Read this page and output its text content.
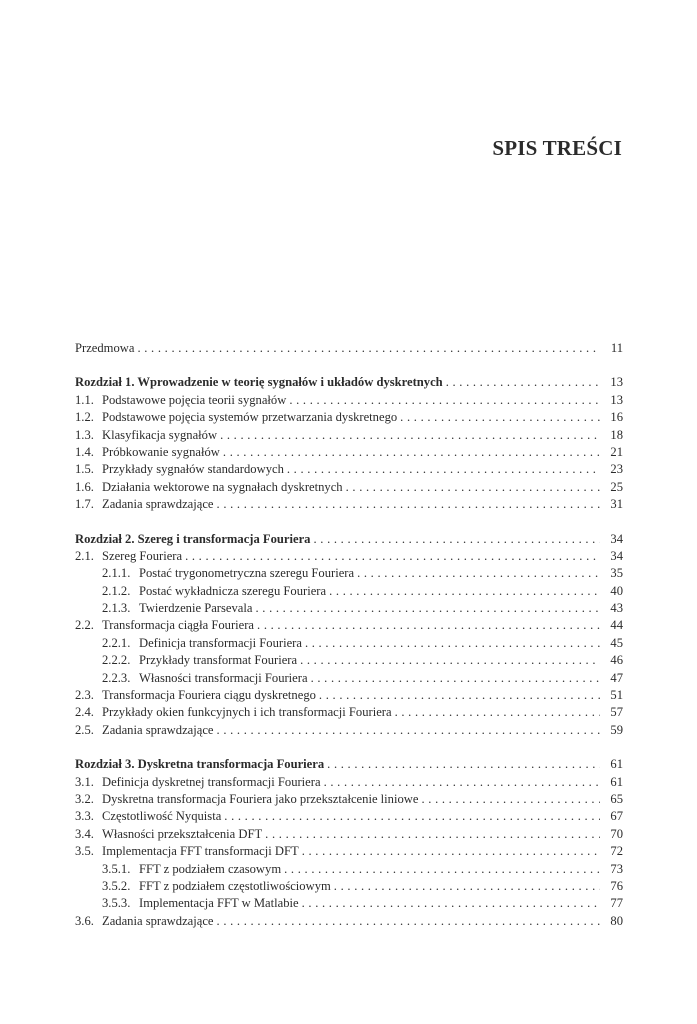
SPIS TREŚCI
Przedmowa . . .	11
Rozdział 1. Wprowadzenie w teorię sygnałów i układów dyskretnych . . .	13
1.1. Podstawowe pojęcia teorii sygnałów . . .	13
1.2. Podstawowe pojęcia systemów przetwarzania dyskretnego . . .	16
1.3. Klasyfikacja sygnałów . . .	18
1.4. Próbkowanie sygnałów . . .	21
1.5. Przykłady sygnałów standardowych . . .	23
1.6. Działania wektorowe na sygnałach dyskretnych . . .	25
1.7. Zadania sprawdzające . . .	31
Rozdział 2. Szereg i transformacja Fouriera . . .	34
2.1. Szereg Fouriera . . .	34
2.1.1. Postać trygonometryczna szeregu Fouriera . . .	35
2.1.2. Postać wykładnicza szeregu Fouriera . . .	40
2.1.3. Twierdzenie Parsevala . . .	43
2.2. Transformacja ciągła Fouriera . . .	44
2.2.1. Definicja transformacji Fouriera . . .	45
2.2.2. Przykłady transformat Fouriera . . .	46
2.2.3. Własności transformacji Fouriera . . .	47
2.3. Transformacja Fouriera ciągu dyskretnego . . .	51
2.4. Przykłady okien funkcyjnych i ich transformacji Fouriera . . .	57
2.5. Zadania sprawdzające . . .	59
Rozdział 3. Dyskretna transformacja Fouriera . . .	61
3.1. Definicja dyskretnej transformacji Fouriera . . .	61
3.2. Dyskretna transformacja Fouriera jako przekształcenie liniowe . . .	65
3.3. Częstotliwość Nyquista . . .	67
3.4. Własności przekształcenia DFT . . .	70
3.5. Implementacja FFT transformacji DFT . . .	72
3.5.1. FFT z podziałem czasowym . . .	73
3.5.2. FFT z podziałem częstotliwościowym . . .	76
3.5.3. Implementacja FFT w Matlabie . . .	77
3.6. Zadania sprawdzające . . .	80
